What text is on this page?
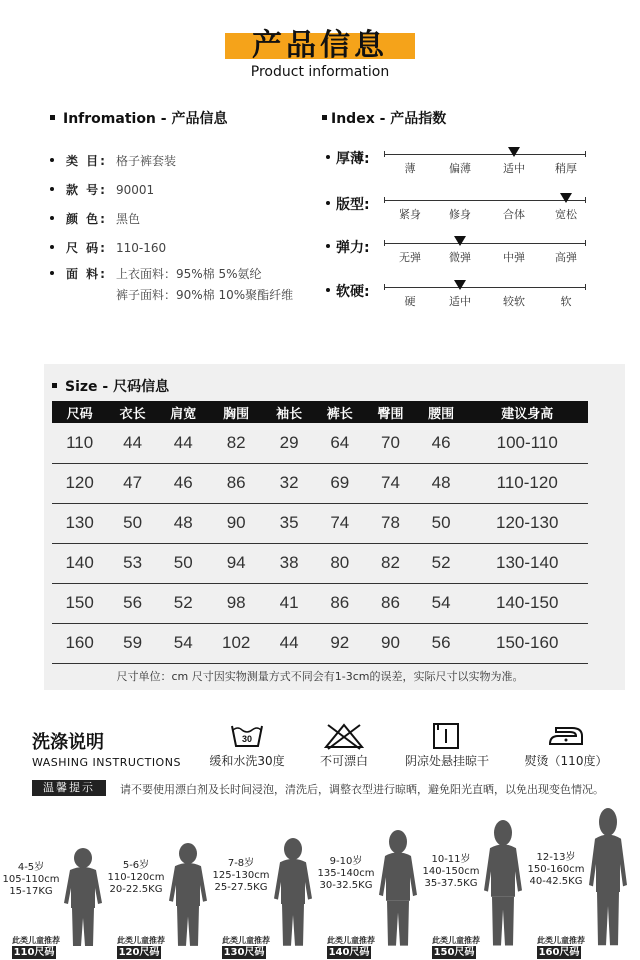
产品信息
Product information
Infromation - 产品信息
类 目: 格子裤套装
款 号: 90001
颜 色: 黑色
尺 码: 110-160
面 料: 上衣面料：95%棉 5%氨纶
裤子面料：90%棉 10%聚酯纤维
Index - 产品指数
厚薄:
薄	偏薄	适中	稍厚
版型:
紧身	修身	合体	宽松
弹力:
无弹	微弹	中弹	高弹
软硬:
硬	适中	较软	软
Size - 尺码信息
尺码	衣长	肩宽	胸围	袖长	裤长	臀围	腰围	建议身高
110	44	44	82	29	64	70	46	100-110
120	47	46	86	32	69	74	48	110-120
130	50	48	90	35	74	78	50	120-130
140	53	50	94	38	80	82	52	130-140
150	56	52	98	41	86	86	54	140-150
160	59	54	102	44	92	90	56	150-160
尺寸单位：cm 尺寸因实物测量方式不同会有1-3cm的误差，实际尺寸以实物为准。
洗涤说明
WASHING INSTRUCTIONS
30
缓和水洗30度	不可漂白	阴凉处悬挂晾干	熨烫（110度）
温馨提示	请不要使用漂白剂及长时间浸泡，清洗后，调整衣型进行晾晒，避免阳光直晒，以免出现变色情况。
4-5岁
105-110cm
15-17KG
此类儿童推荐
110尺码
5-6岁
110-120cm
20-22.5KG
此类儿童推荐
120尺码
7-8岁
125-130cm
25-27.5KG
此类儿童推荐
130尺码
9-10岁
135-140cm
30-32.5KG
此类儿童推荐
140尺码
10-11岁
140-150cm
35-37.5KG
此类儿童推荐
150尺码
12-13岁
150-160cm
40-42.5KG
此类儿童推荐
160尺码
